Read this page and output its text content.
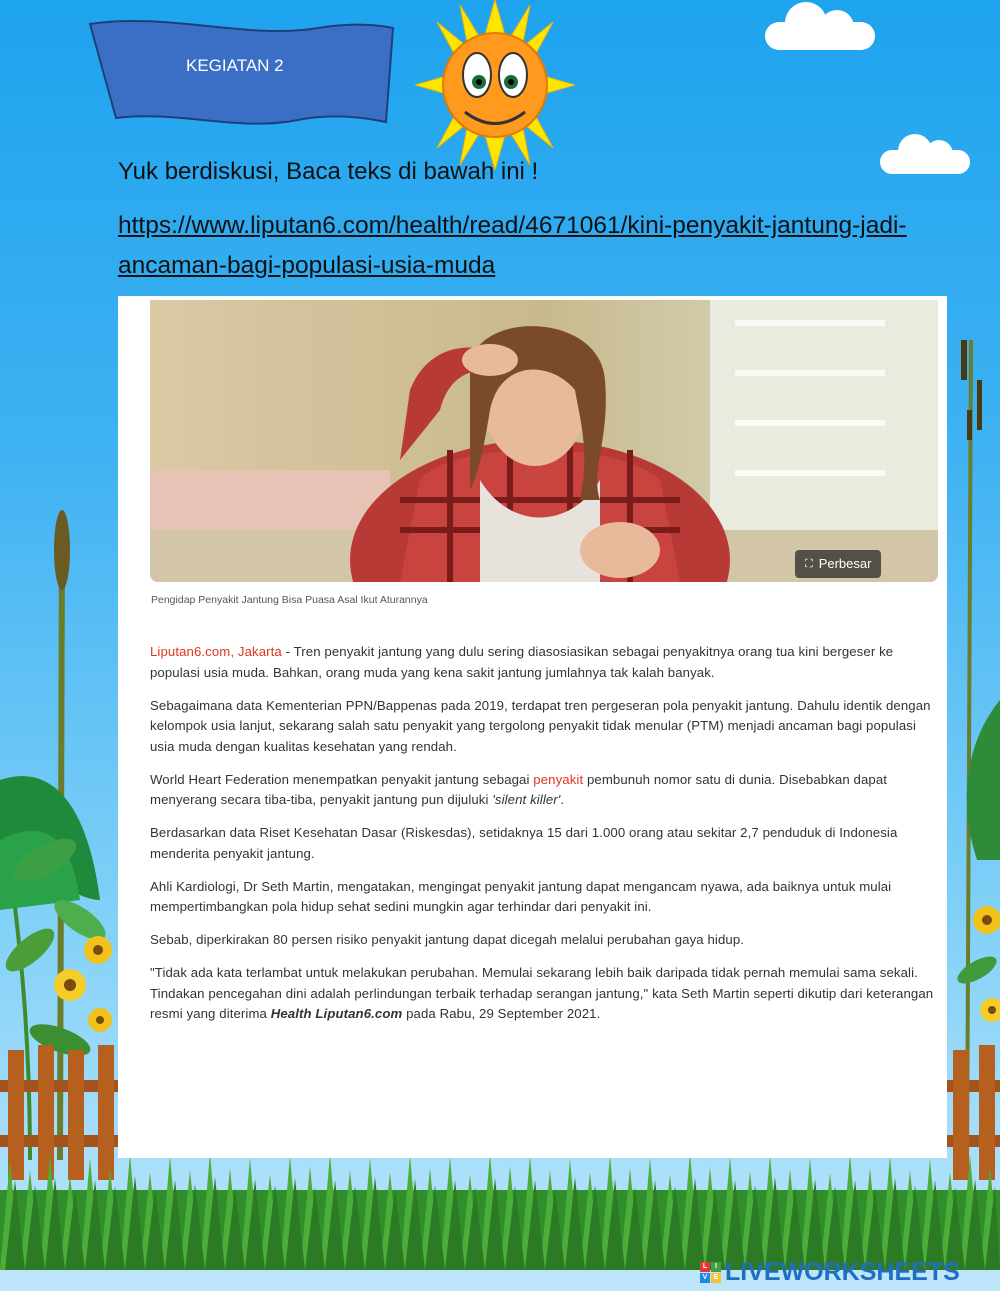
KEGIATAN 2
Yuk berdiskusi, Baca teks di bawah ini !
https://www.liputan6.com/health/read/4671061/kini-penyakit-jantung-jadi-ancaman-bagi-populasi-usia-muda
⛶ Perbesar
Pengidap Penyakit Jantung Bisa Puasa Asal Ikut Aturannya

Liputan6.com, Jakarta - Tren penyakit jantung yang dulu sering diasosiasikan sebagai penyakitnya orang tua kini bergeser ke populasi usia muda. Bahkan, orang muda yang kena sakit jantung jumlahnya tak kalah banyak.

Sebagaimana data Kementerian PPN/Bappenas pada 2019, terdapat tren pergeseran pola penyakit jantung. Dahulu identik dengan kelompok usia lanjut, sekarang salah satu penyakit yang tergolong penyakit tidak menular (PTM) menjadi ancaman bagi populasi usia muda dengan kualitas kesehatan yang rendah.

World Heart Federation menempatkan penyakit jantung sebagai penyakit pembunuh nomor satu di dunia. Disebabkan dapat menyerang secara tiba-tiba, penyakit jantung pun dijuluki 'silent killer'.

Berdasarkan data Riset Kesehatan Dasar (Riskesdas), setidaknya 15 dari 1.000 orang atau sekitar 2,7 penduduk di Indonesia menderita penyakit jantung.

Ahli Kardiologi, Dr Seth Martin, mengatakan, mengingat penyakit jantung dapat mengancam nyawa, ada baiknya untuk mulai mempertimbangkan pola hidup sehat sedini mungkin agar terhindar dari penyakit ini.

Sebab, diperkirakan 80 persen risiko penyakit jantung dapat dicegah melalui perubahan gaya hidup.

"Tidak ada kata terlambat untuk melakukan perubahan. Memulai sekarang lebih baik daripada tidak pernah memulai sama sekali. Tindakan pencegahan dini adalah perlindungan terbaik terhadap serangan jantung," kata Seth Martin seperti dikutip dari keterangan resmi yang diterima Health Liputan6.com pada Rabu, 29 September 2021.

L	I
V E LIVEWORKSHEETS
